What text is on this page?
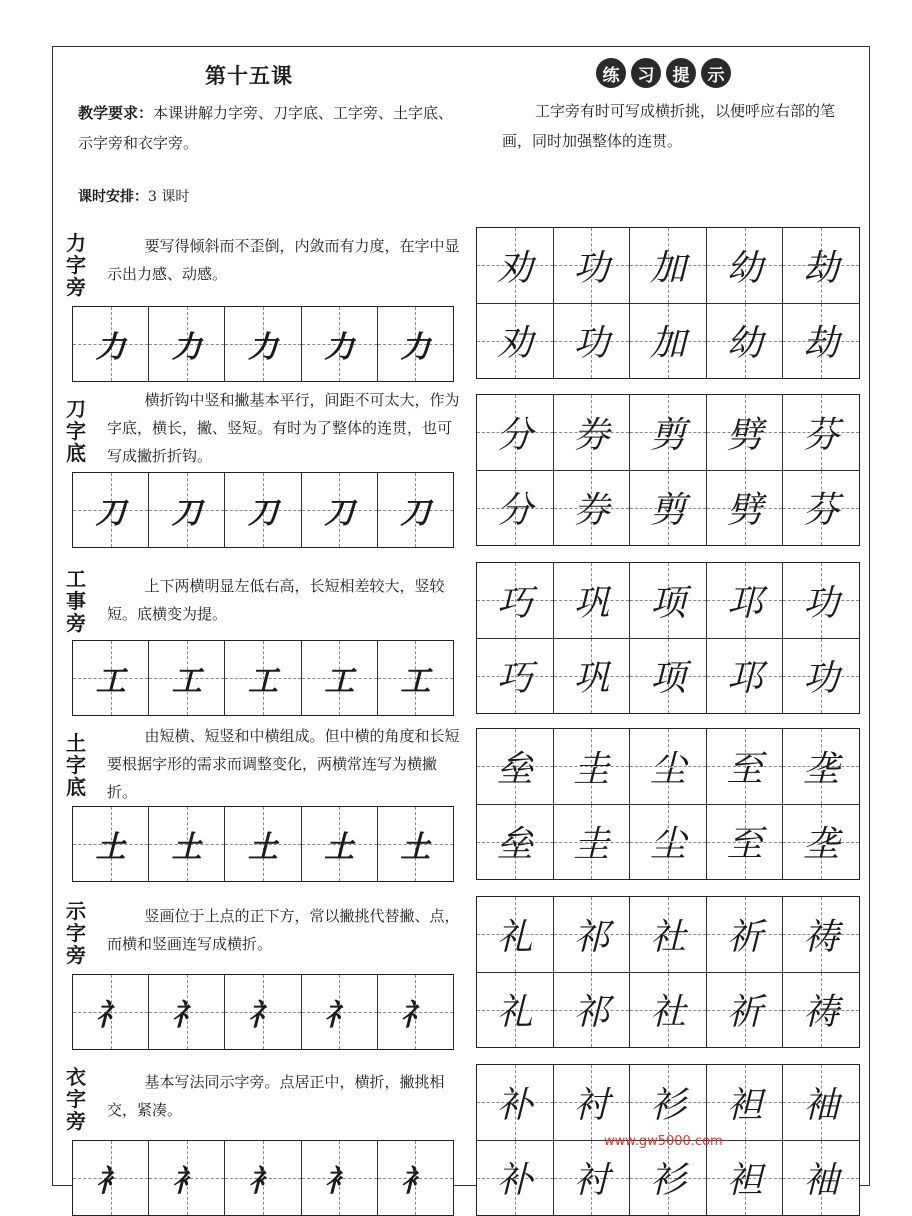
第十五课
教学要求：本课讲解力字旁、刀字底、工字旁、土字底、示字旁和衣字旁。
课时安排：3 课时
练	习	提	示
工字旁有时可写成横折挑，以便呼应右部的笔画，同时加强整体的连贯。
力字旁
要写得倾斜而不歪倒，内敛而有力度，在字中显示出力感、动感。
力 力 力 力 力
劝 功 加 幼 劫
劝 功 加 幼 劫
刀字底
横折钩中竖和撇基本平行，间距不可太大，作为字底，横长，撇、竖短。有时为了整体的连贯，也可写成撇折折钩。
刀 刀 刀 刀 刀
分 券 剪 劈 芬
分 券 剪 劈 芬
工事旁
上下两横明显左低右高，长短相差较大，竖较短。底横变为提。
工 工 工 工 工
巧 巩 项 邛 功
巧 巩 项 邛 功
土字底
由短横、短竖和中横组成。但中横的角度和长短要根据字形的需求而调整变化，两横常连写为横撇折。
土 土 土 土 土
垒 圭 尘 至 垄
垒 圭 尘 至 垄
示字旁
竖画位于上点的正下方，常以撇挑代替撇、点，而横和竖画连写成横折。
礻 礻 礻 礻 礻
礼 祁 社 祈 祷
礼 祁 社 祈 祷
衣字旁
基本写法同示字旁。点居正中，横折，撇挑相交，紧凑。
衤 衤 衤 衤 衤
补 衬 衫 袒 袖
补 衬 衫 袒 袖
www.gw5000.com
